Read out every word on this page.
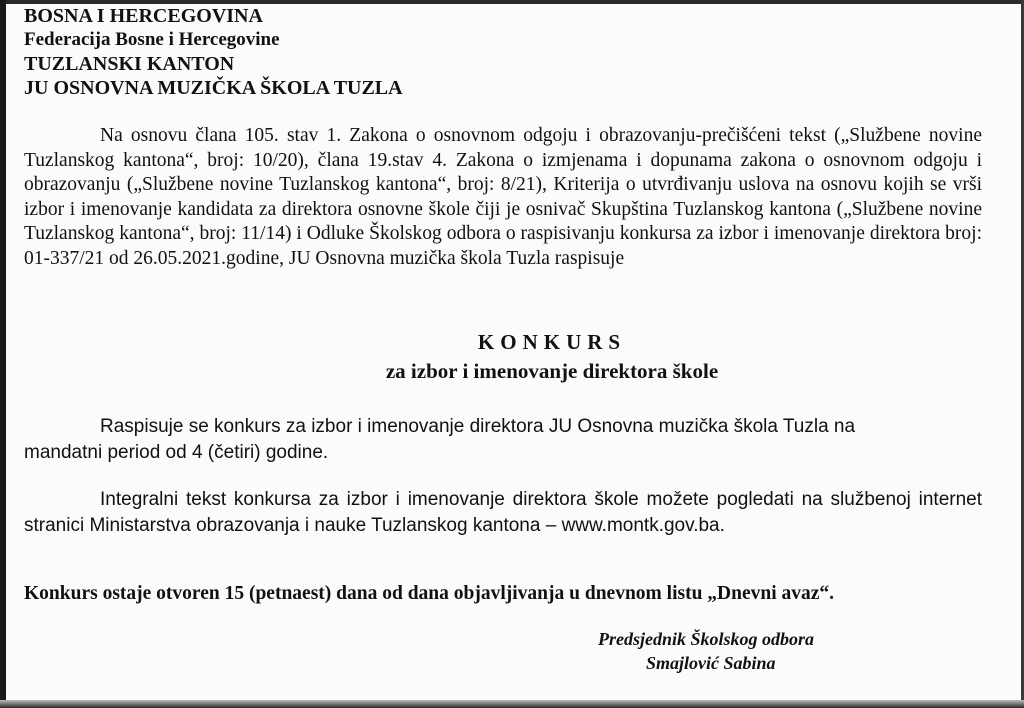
BOSNA I HERCEGOVINA
Federacija Bosne i Hercegovine
TUZLANSKI KANTON
JU OSNOVNA MUZIČKA ŠKOLA TUZLA
Na osnovu člana 105. stav 1. Zakona o osnovnom odgoju i obrazovanju-prečišćeni tekst („Službene novine Tuzlanskog kantona“, broj: 10/20), člana 19.stav 4. Zakona o izmjenama i dopunama zakona o osnovnom odgoju i obrazovanju („Službene novine Tuzlanskog kantona“, broj: 8/21), Kriterija o utvrđivanju uslova na osnovu kojih se vrši izbor i imenovanje kandidata za direktora osnovne škole čiji je osnivač Skupština Tuzlanskog kantona („Službene novine Tuzlanskog kantona“, broj: 11/14) i Odluke Školskog odbora o raspisivanju konkursa za izbor i imenovanje direktora broj: 01-337/21 od 26.05.2021.godine, JU Osnovna muzička škola Tuzla raspisuje
KONKURS
za izbor i imenovanje direktora škole
Raspisuje se konkurs za izbor i imenovanje direktora JU Osnovna muzička škola Tuzla na mandatni period od 4 (četiri) godine.
Integralni tekst konkursa za izbor i imenovanje direktora škole možete pogledati na službenoj internet stranici Ministarstva obrazovanja i nauke Tuzlanskog kantona – www.montk.gov.ba.
Konkurs ostaje otvoren 15 (petnaest) dana od dana objavljivanja u dnevnom listu „Dnevni avaz“.
Predsjednik Školskog odbora
Smajlović Sabina
